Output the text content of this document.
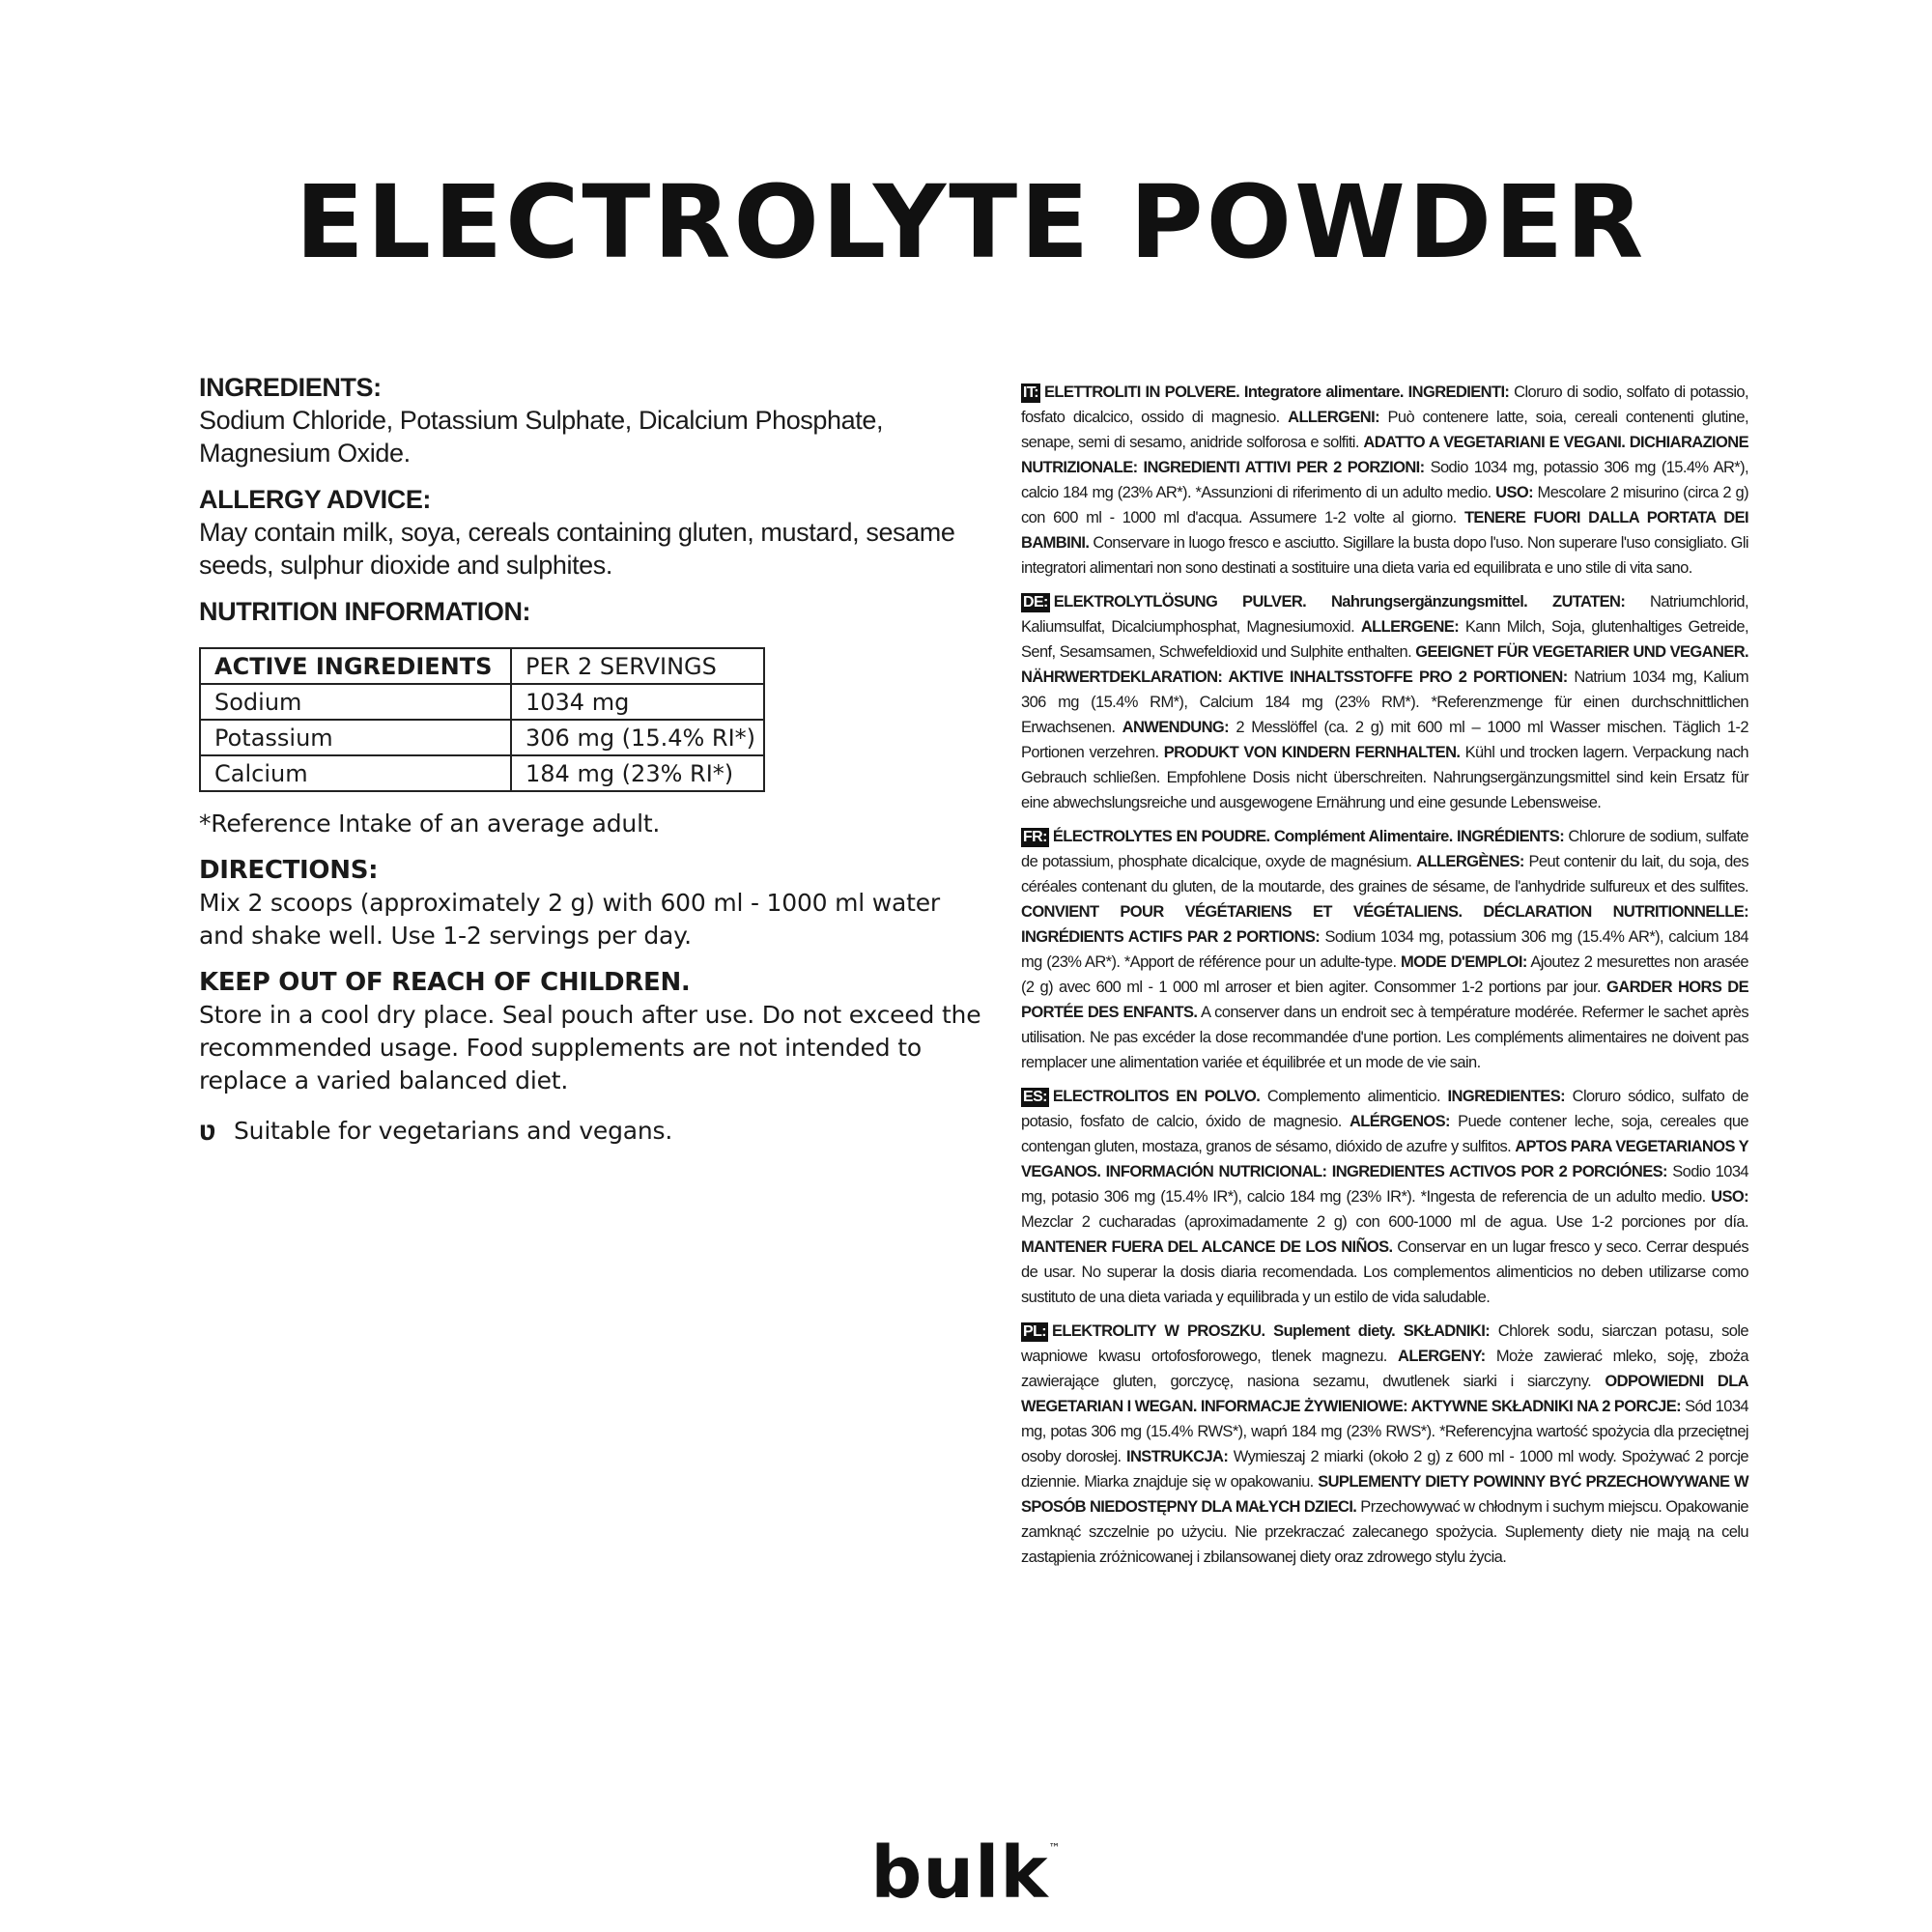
ELECTROLYTE POWDER

INGREDIENTS:

Sodium Chloride, Potassium Sulphate, Dicalcium Phosphate, Magnesium Oxide.

ALLERGY ADVICE:

May contain milk, soya, cereals containing gluten, mustard, sesame seeds, sulphur dioxide and sulphites.

NUTRITION INFORMATION:

ACTIVE INGREDIENTS	PER 2 SERVINGS
Sodium	1034 mg
Potassium	306 mg (15.4% RI*)
Calcium	184 mg (23% RI*)

*Reference Intake of an average adult.

DIRECTIONS:

Mix 2 scoops (approximately 2 g) with 600 ml - 1000 ml water and shake well. Use 1-2 servings per day.

KEEP OUT OF REACH OF CHILDREN.

Store in a cool dry place. Seal pouch after use. Do not exceed the recommended usage. Food supplements are not intended to replace a varied balanced diet.

ʋ Suitable for vegetarians and vegans.

IT: ELETTROLITI IN POLVERE. Integratore alimentare. INGREDIENTI: Cloruro di sodio, solfato di potassio, fosfato dicalcico, ossido di magnesio. ALLERGENI: Può contenere latte, soia, cereali contenenti glutine, senape, semi di sesamo, anidride solforosa e solfiti. ADATTO A VEGETARIANI E VEGANI. DICHIARAZIONE NUTRIZIONALE: INGREDIENTI ATTIVI PER 2 PORZIONI: Sodio 1034 mg, potassio 306 mg (15.4% AR*), calcio 184 mg (23% AR*). *Assunzioni di riferimento di un adulto medio. USO: Mescolare 2 misurino (circa 2 g) con 600 ml - 1000 ml d'acqua. Assumere 1-2 volte al giorno. TENERE FUORI DALLA PORTATA DEI BAMBINI. Conservare in luogo fresco e asciutto. Sigillare la busta dopo l'uso. Non superare l'uso consigliato. Gli integratori alimentari non sono destinati a sostituire una dieta varia ed equilibrata e uno stile di vita sano.

DE: ELEKTROLYTLÖSUNG PULVER. Nahrungsergänzungsmittel. ZUTATEN: Natriumchlorid, Kaliumsulfat, Dicalciumphosphat, Magnesiumoxid. ALLERGENE: Kann Milch, Soja, glutenhaltiges Getreide, Senf, Sesamsamen, Schwefeldioxid und Sulphite enthalten. GEEIGNET FÜR VEGETARIER UND VEGANER. NÄHRWERTDEKLARATION: AKTIVE INHALTSSTOFFE PRO 2 PORTIONEN: Natrium 1034 mg, Kalium 306 mg (15.4% RM*), Calcium 184 mg (23% RM*). *Referenzmenge für einen durchschnittlichen Erwachsenen. ANWENDUNG: 2 Messlöffel (ca. 2 g) mit 600 ml – 1000 ml Wasser mischen. Täglich 1-2 Portionen verzehren. PRODUKT VON KINDERN FERNHALTEN. Kühl und trocken lagern. Verpackung nach Gebrauch schließen. Empfohlene Dosis nicht überschreiten. Nahrungsergänzungsmittel sind kein Ersatz für eine abwechslungsreiche und ausgewogene Ernährung und eine gesunde Lebensweise.

FR: ÉLECTROLYTES EN POUDRE. Complément Alimentaire. INGRÉDIENTS: Chlorure de sodium, sulfate de potassium, phosphate dicalcique, oxyde de magnésium. ALLERGÈNES: Peut contenir du lait, du soja, des céréales contenant du gluten, de la moutarde, des graines de sésame, de l'anhydride sulfureux et des sulfites. CONVIENT POUR VÉGÉTARIENS ET VÉGÉTALIENS. DÉCLARATION NUTRITIONNELLE: INGRÉDIENTS ACTIFS PAR 2 PORTIONS: Sodium 1034 mg, potassium 306 mg (15.4% AR*), calcium 184 mg (23% AR*). *Apport de référence pour un adulte-type. MODE D'EMPLOI: Ajoutez 2 mesurettes non arasée (2 g) avec 600 ml - 1 000 ml arroser et bien agiter. Consommer 1-2 portions par jour. GARDER HORS DE PORTÉE DES ENFANTS. A conserver dans un endroit sec à température modérée. Refermer le sachet après utilisation. Ne pas excéder la dose recommandée d'une portion. Les compléments alimentaires ne doivent pas remplacer une alimentation variée et équilibrée et un mode de vie sain.

ES: ELECTROLITOS EN POLVO. Complemento alimenticio. INGREDIENTES: Cloruro sódico, sulfato de potasio, fosfato de calcio, óxido de magnesio. ALÉRGENOS: Puede contener leche, soja, cereales que contengan gluten, mostaza, granos de sésamo, dióxido de azufre y sulfitos. APTOS PARA VEGETARIANOS Y VEGANOS. INFORMACIÓN NUTRICIONAL: INGREDIENTES ACTIVOS POR 2 PORCIÓNES: Sodio 1034 mg, potasio 306 mg (15.4% IR*), calcio 184 mg (23% IR*). *Ingesta de referencia de un adulto medio. USO: Mezclar 2 cucharadas (aproximadamente 2 g) con 600-1000 ml de agua. Use 1-2 porciones por día. MANTENER FUERA DEL ALCANCE DE LOS NIÑOS. Conservar en un lugar fresco y seco. Cerrar después de usar. No superar la dosis diaria recomendada. Los complementos alimenticios no deben utilizarse como sustituto de una dieta variada y equilibrada y un estilo de vida saludable.

PL: ELEKTROLITY W PROSZKU. Suplement diety. SKŁADNIKI: Chlorek sodu, siarczan potasu, sole wapniowe kwasu ortofosforowego, tlenek magnezu. ALERGENY: Może zawierać mleko, soję, zboża zawierające gluten, gorczycę, nasiona sezamu, dwutlenek siarki i siarczyny. ODPOWIEDNI DLA WEGETARIAN I WEGAN. INFORMACJE ŻYWIENIOWE: AKTYWNE SKŁADNIKI NA 2 PORCJE: Sód 1034 mg, potas 306 mg (15.4% RWS*), wapń 184 mg (23% RWS*). *Referencyjna wartość spożycia dla przeciętnej osoby dorosłej. INSTRUKCJA: Wymieszaj 2 miarki (około 2 g) z 600 ml - 1000 ml wody. Spożywać 2 porcje dziennie. Miarka znajduje się w opakowaniu. SUPLEMENTY DIETY POWINNY BYĆ PRZECHOWYWANE W SPOSÓB NIEDOSTĘPNY DLA MAŁYCH DZIECI. Przechowywać w chłodnym i suchym miejscu. Opakowanie zamknąć szczelnie po użyciu. Nie przekraczać zalecanego spożycia. Suplementy diety nie mają na celu zastąpienia zróżnicowanej i zbilansowanej diety oraz zdrowego stylu życia.

bulk™
